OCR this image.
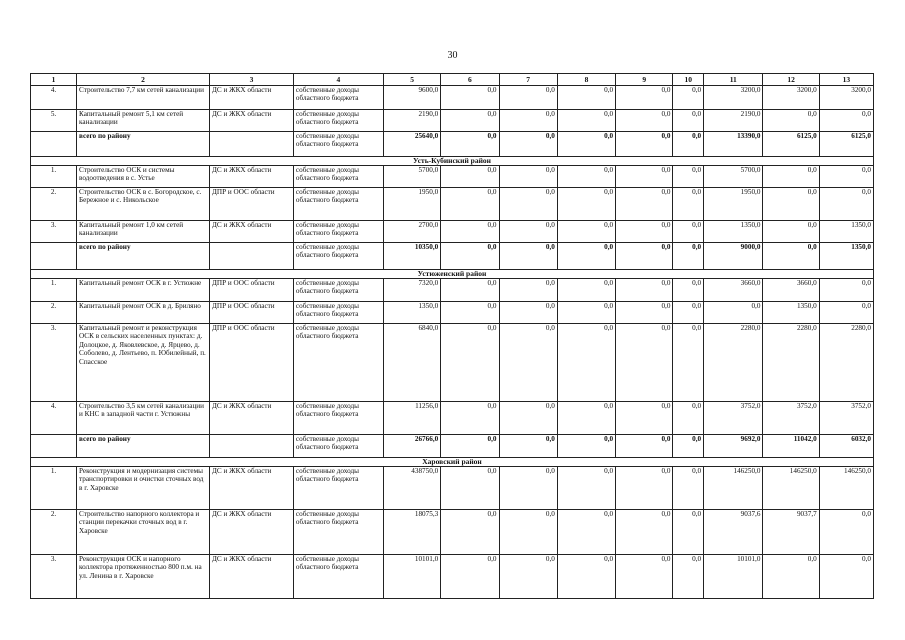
30
1	2	3	4	5	6	7	8	9	10	11	12	13
4.	Строительство 7,7 км сетей канализации	ДС и ЖКХ области	собственные доходы областного бюджета	9600,0	0,0	0,0	0,0	0,0	0,0	3200,0	3200,0	3200,0
5.	Капитальный ремонт 5,1 км сетей канализации	ДС и ЖКХ области	собственные доходы областного бюджета	2190,0	0,0	0,0	0,0	0,0	0,0	2190,0	0,0	0,0
	всего по району		собственные доходы областного бюджета	25640,0	0,0	0,0	0,0	0,0	0,0	13390,0	6125,0	6125,0
Усть-Кубинский район												
1.	Строительство ОСК и системы водоотведения в с. Устье	ДС и ЖКХ области	собственные доходы областного бюджета	5700,0	0,0	0,0	0,0	0,0	0,0	5700,0	0,0	0,0
2.	Строительство ОСК в с. Богородское, с. Бережное и с. Никольское	ДПР и ООС области	собственные доходы областного бюджета	1950,0	0,0	0,0	0,0	0,0	0,0	1950,0	0,0	0,0
3.	Капитальный ремонт 1,0 км сетей канализации	ДС и ЖКХ области	собственные доходы областного бюджета	2700,0	0,0	0,0	0,0	0,0	0,0	1350,0	0,0	1350,0
	всего по району		собственные доходы областного бюджета	10350,0	0,0	0,0	0,0	0,0	0,0	9000,0	0,0	1350,0
Устюженский район												
1.	Капитальный ремонт ОСК в г. Устюжне	ДПР и ООС области	собственные доходы областного бюджета	7320,0	0,0	0,0	0,0	0,0	0,0	3660,0	3660,0	0,0
2.	Капитальный ремонт ОСК в д. Бриляно	ДПР и ООС области	собственные доходы областного бюджета	1350,0	0,0	0,0	0,0	0,0	0,0	0,0	1350,0	0,0
3.	Капитальный ремонт и реконструкция ОСК в сельских населенных пунктах: д. Долоцкое, д. Яковлевское, д. Ярцево, д. Соболево, д. Лентьево, п. Юбилейный, п. Спасское	ДПР и ООС области	собственные доходы областного бюджета	6840,0	0,0	0,0	0,0	0,0	0,0	2280,0	2280,0	2280,0
4.	Строительство 3,5 км сетей канализации и КНС в западной части г. Устюжны	ДС и ЖКХ области	собственные доходы областного бюджета	11256,0	0,0	0,0	0,0	0,0	0,0	3752,0	3752,0	3752,0
	всего по району		собственные доходы областного бюджета	26766,0	0,0	0,0	0,0	0,0	0,0	9692,0	11042,0	6032,0
Харовский район												
1.	Реконструкция и модернизация системы транспортировки и очистки сточных вод в г. Харовске	ДС и ЖКХ области	собственные доходы областного бюджета	438750,0	0,0	0,0	0,0	0,0	0,0	146250,0	146250,0	146250,0
2.	Строительство напорного коллектора и станции перекачки сточных вод в г. Харовске	ДС и ЖКХ области	собственные доходы областного бюджета	18075,3	0,0	0,0	0,0	0,0	0,0	9037,6	9037,7	0,0
3.	Реконструкция ОСК и напорного коллектора протяженностью 800 п.м. на ул. Ленина в г. Харовске	ДС и ЖКХ области	собственные доходы областного бюджета	10101,0	0,0	0,0	0,0	0,0	0,0	10101,0	0,0	0,0
